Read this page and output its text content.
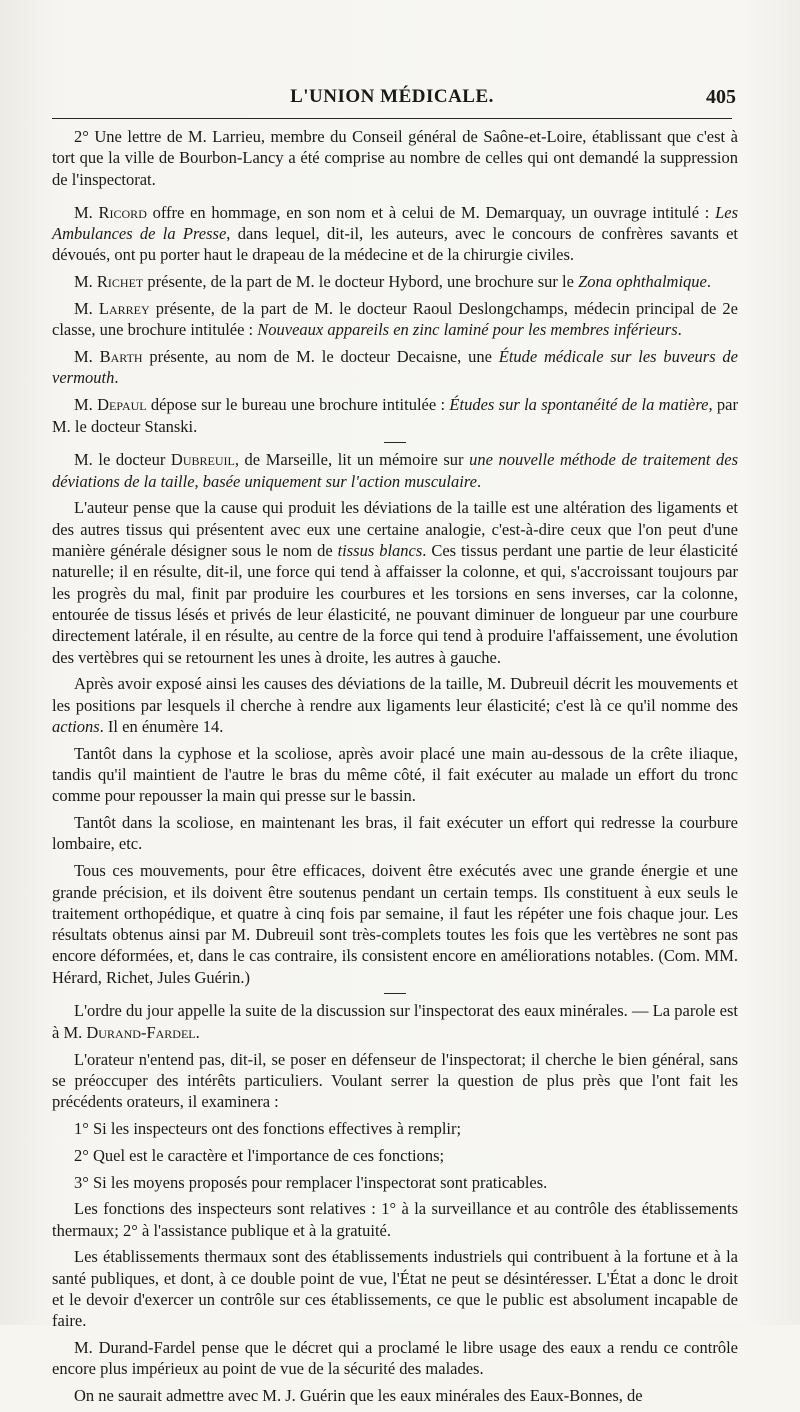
L'UNION MÉDICALE.	405

2° Une lettre de M. Larrieu, membre du Conseil général de Saône-et-Loire, établissant que c'est à tort que la ville de Bourbon-Lancy a été comprise au nombre de celles qui ont demandé la suppression de l'inspectorat.

M. Ricord offre en hommage, en son nom et à celui de M. Demarquay, un ouvrage intitulé : Les Ambulances de la Presse, dans lequel, dit-il, les auteurs, avec le concours de confrères savants et dévoués, ont pu porter haut le drapeau de la médecine et de la chirurgie civiles.

M. Richet présente, de la part de M. le docteur Hybord, une brochure sur le Zona ophthalmique.

M. Larrey présente, de la part de M. le docteur Raoul Deslongchamps, médecin principal de 2e classe, une brochure intitulée : Nouveaux appareils en zinc laminé pour les membres inférieurs.

M. Barth présente, au nom de M. le docteur Decaisne, une Étude médicale sur les buveurs de vermouth.

M. Depaul dépose sur le bureau une brochure intitulée : Études sur la spontanéité de la matière, par M. le docteur Stanski.

M. le docteur Dubreuil, de Marseille, lit un mémoire sur une nouvelle méthode de traitement des déviations de la taille, basée uniquement sur l'action musculaire.

L'auteur pense que la cause qui produit les déviations de la taille est une altération des ligaments et des autres tissus qui présentent avec eux une certaine analogie, c'est-à-dire ceux que l'on peut d'une manière générale désigner sous le nom de tissus blancs. Ces tissus perdant une partie de leur élasticité naturelle; il en résulte, dit-il, une force qui tend à affaisser la colonne, et qui, s'accroissant toujours par les progrès du mal, finit par produire les courbures et les torsions en sens inverses, car la colonne, entourée de tissus lésés et privés de leur élasticité, ne pouvant diminuer de longueur par une courbure directement latérale, il en résulte, au centre de la force qui tend à produire l'affaissement, une évolution des vertèbres qui se retournent les unes à droite, les autres à gauche.

Après avoir exposé ainsi les causes des déviations de la taille, M. Dubreuil décrit les mouvements et les positions par lesquels il cherche à rendre aux ligaments leur élasticité; c'est là ce qu'il nomme des actions. Il en énumère 14.

Tantôt dans la cyphose et la scoliose, après avoir placé une main au-dessous de la crête iliaque, tandis qu'il maintient de l'autre le bras du même côté, il fait exécuter au malade un effort du tronc comme pour repousser la main qui presse sur le bassin.

Tantôt dans la scoliose, en maintenant les bras, il fait exécuter un effort qui redresse la courbure lombaire, etc.

Tous ces mouvements, pour être efficaces, doivent être exécutés avec une grande énergie et une grande précision, et ils doivent être soutenus pendant un certain temps. Ils constituent à eux seuls le traitement orthopédique, et quatre à cinq fois par semaine, il faut les répéter une fois chaque jour. Les résultats obtenus ainsi par M. Dubreuil sont très-complets toutes les fois que les vertèbres ne sont pas encore déformées, et, dans le cas contraire, ils consistent encore en améliorations notables. (Com. MM. Hérard, Richet, Jules Guérin.)

L'ordre du jour appelle la suite de la discussion sur l'inspectorat des eaux minérales. — La parole est à M. Durand-Fardel.

L'orateur n'entend pas, dit-il, se poser en défenseur de l'inspectorat; il cherche le bien général, sans se préoccuper des intérêts particuliers. Voulant serrer la question de plus près que l'ont fait les précédents orateurs, il examinera :

1° Si les inspecteurs ont des fonctions effectives à remplir;

2° Quel est le caractère et l'importance de ces fonctions;

3° Si les moyens proposés pour remplacer l'inspectorat sont praticables.

Les fonctions des inspecteurs sont relatives : 1° à la surveillance et au contrôle des établissements thermaux; 2° à l'assistance publique et à la gratuité.

Les établissements thermaux sont des établissements industriels qui contribuent à la fortune et à la santé publiques, et dont, à ce double point de vue, l'État ne peut se désintéresser. L'État a donc le droit et le devoir d'exercer un contrôle sur ces établissements, ce que le public est absolument incapable de faire.

M. Durand-Fardel pense que le décret qui a proclamé le libre usage des eaux a rendu ce contrôle encore plus impérieux au point de vue de la sécurité des malades.

On ne saurait admettre avec M. J. Guérin que les eaux minérales des Eaux-Bonnes, de
